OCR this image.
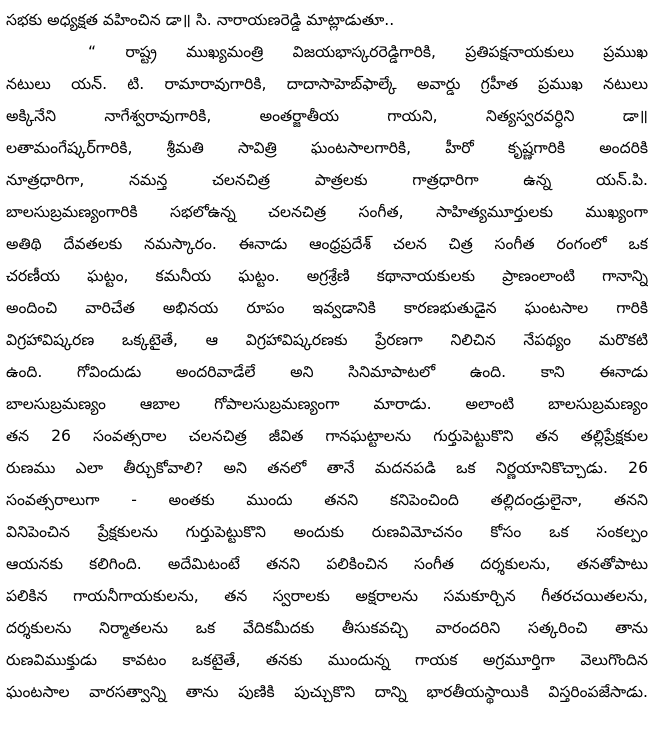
సభకు అధ్యక్షత వహించిన డా॥ సి. నారాయణరెడ్డి మాట్లాడుతూ..
“ రాష్ట్ర ముఖ్యమంత్రి విజయభాస్కరరెడ్డిగారికి, ప్రతిపక్షనాయకులు ప్రముఖ
నటులు యన్. టి. రామారావుగారికి, దాదాసాహెబ్‌ఫాల్కే అవార్డు గ్రహీత ప్రముఖ నటులు
అక్కినేని నాగేశ్వరావుగారికి, అంతర్జాతీయ గాయని, నిత్యస్వరవర్ధిని డా॥
లతామంగేష్కర్‌గారికి, శ్రీమతి సావిత్రి ఘంటసాలగారికి, హీరో కృష్ణగారికి అందరికి
నూత్రధారిగా, నమన్త చలనచిత్ర పాత్రలకు గాత్రధారిగా ఉన్న యన్.పి.
బాలసుబ్రమణ్యంగారికి సభలోఉన్న చలనచిత్ర సంగీత, సాహిత్యమూర్తులకు ముఖ్యంగా
అతిథి దేవతలకు నమస్కారం. ఈనాడు ఆంధ్రప్రదేశ్ చలన చిత్ర సంగీత రంగంలో ఒక
చరణీయ ఘట్టం, కమనీయ ఘట్టం. అగ్రశ్రేణి కథానాయకులకు ప్రాణంలాంటి గానాన్ని
అందించి వారిచేత అభినయ రూపం ఇవ్వడానికి కారణభుతుడైన ఘంటసాల గారికి
విగ్రహావిష్కరణ ఒక్కటైతే, ఆ విగ్రహావిష్కరణకు ప్రేరణగా నిలిచిన నేపథ్యం మరొకటి
ఉంది. గోవిందుడు అందరివాడేలే అని సినిమాపాటలో ఉంది. కాని ఈనాడు
బాలసుబ్రమణ్యం ఆబాల గోపాలసుబ్రమణ్యంగా మారాడు. అలాంటి బాలసుబ్రమణ్యం
తన 26 సంవత్సరాల చలనచిత్ర జీవిత గానఘట్టాలను గుర్తుపెట్టుకొని తన తల్లిప్రేక్షకుల
రుణము ఎలా తీర్చుకోవాలి? అని తనలో తానే మదనపడి ఒక నిర్ణయానికొచ్చాడు. 26
సంవత్సరాలుగా - అంతకు ముందు తనని కనిపెంచింది తల్లిదండ్రులైనా, తనని
వినిపెంచిన ప్రేక్షకులను గుర్తుపెట్టుకొని అందుకు రుణవిమోచనం కోసం ఒక సంకల్పం
ఆయనకు కలిగింది. అదేమిటంటే తనని పలికించిన సంగీత దర్శకులను, తనతోపాటు
పలికిన గాయనీగాయకులను, తన స్వరాలకు అక్షరాలను సమకూర్చిన గీతరచయితలను,
దర్శకులను నిర్మాతలను ఒక వేదికమీదకు తీసుకవచ్చి వారందరిని సత్కరించి తాను
రుణవిముక్తుడు కావటం ఒకటైతే, తనకు ముందున్న గాయక అగ్రమూర్తిగా వెలుగొందిన
ఘంటసాల వారసత్వాన్ని తాను పుణికి పుచ్చుకొని దాన్ని భారతీయస్థాయికి విస్తరింపజేసాడు.
